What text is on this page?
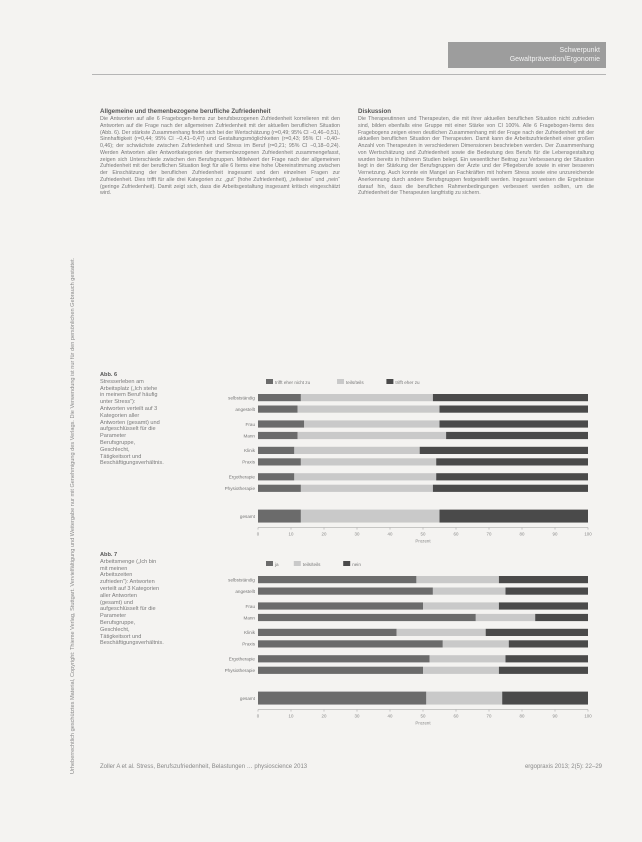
Schwerpunkt
Gewaltprävention/Ergonomie
Urheberrechtlich geschütztes Material, Copyright: Thieme Verlag, Stuttgart. Vervielfältigung und Weitergabe nur mit Genehmigung des Verlags. Die Verwendung ist nur für den persönlichen Gebrauch gestattet.
Allgemeine und themenbezogene berufliche Zufriedenheit

Die Antworten auf alle 6 Fragebogen-Items zur berufsbezogenen Zufriedenheit korrelieren mit den Antworten auf die Frage nach der allgemeinen Zufriedenheit mit der aktuellen beruflichen Situation (Abb. 6). Der stärkste Zusammenhang findet sich bei der Wertschätzung (r=0,49; 95% CI −0,46–0,51), Sinnhaftigkeit (r=0,44; 95% CI −0,41–0,47) und Gestaltungsmöglichkeiten (r=0,43; 95% CI −0,40–0,46); der schwächste zwischen Zufriedenheit und Stress im Beruf (r=0,21; 95% CI −0,18–0,24). Werden Antworten aller Antwortkategorien der themenbezogenen Zufriedenheit zusammengefasst, zeigen sich Unterschiede zwischen den Berufsgruppen. Mittelwert der Frage nach der allgemeinen Zufriedenheit mit der beruflichen Situation liegt für alle 6 Items eine hohe Übereinstimmung zwischen der Einschätzung der beruflichen Zufriedenheit insgesamt und den einzelnen Fragen zur Zufriedenheit. Dies trifft für alle drei Kategorien zu: „gut“ (hohe Zufriedenheit), „teilweise“ und „nein“ (geringe Zufriedenheit). Damit zeigt sich, dass die Arbeitsgestaltung insgesamt kritisch eingeschätzt wird.

Diskussion

Die Therapeutinnen und Therapeuten, die mit ihrer aktuellen beruflichen Situation nicht zufrieden sind, bilden ebenfalls eine Gruppe mit einer Stärke von CI 100%. Alle 6 Fragebogen-Items des Fragebogens zeigen einen deutlichen Zusammenhang mit der Frage nach der Zufriedenheit mit der aktuellen beruflichen Situation der Therapeuten. Damit kann die Arbeitszufriedenheit einer großen Anzahl von Therapeuten in verschiedenen Dimensionen beschrieben werden. Der Zusammenhang von Wertschätzung und Zufriedenheit sowie die Bedeutung des Berufs für die Lebensgestaltung wurden bereits in früheren Studien belegt. Ein wesentlicher Beitrag zur Verbesserung der Situation liegt in der Stärkung der Berufsgruppen der Ärzte und der Pflegeberufe sowie in einer besseren Vernetzung. Auch konnte ein Mangel an Fachkräften mit hohem Stress sowie eine unzureichende Anerkennung durch andere Berufsgruppen festgestellt werden. Insgesamt weisen die Ergebnisse darauf hin, dass die beruflichen Rahmenbedingungen verbessert werden sollten, um die Zufriedenheit der Therapeuten langfristig zu sichern.

Abb. 6
Stresserleben am Arbeitsplatz („Ich stehe in meinem Beruf häufig unter Stress“): Antworten verteilt auf 3 Kategorien aller Antworten (gesamt) und aufgeschlüsselt für die Parameter Berufsgruppe, Geschlecht, Tätigkeitsort und Beschäftigungsverhältnis.
trifft eher nicht zu	teils/teils	trifft eher zu
selbstständig
angestellt
Frau
Mann
Klinik
Praxis
Ergotherapie
Physiotherapie
gesamt
0	10	20	30	40	50	60	70	80	90	100
Prozent
Abb. 7
Arbeitsmenge („Ich bin mit meinen Arbeitszeiten zufrieden“): Antworten verteilt auf 3 Kategorien aller Antworten (gesamt) und aufgeschlüsselt für die Parameter Berufsgruppe, Geschlecht, Tätigkeitsort und Beschäftigungsverhältnis.
ja	teils/teils	nein
selbstständig
angestellt
Frau
Mann
Klinik
Praxis
Ergotherapie
Physiotherapie
gesamt
0	10	20	30	40	50	60	70	80	90	100
Prozent
Zoller A et al. Stress, Berufszufriedenheit, Belastungen … physioscience 2013	ergopraxis 2013; 2(5): 22–29
